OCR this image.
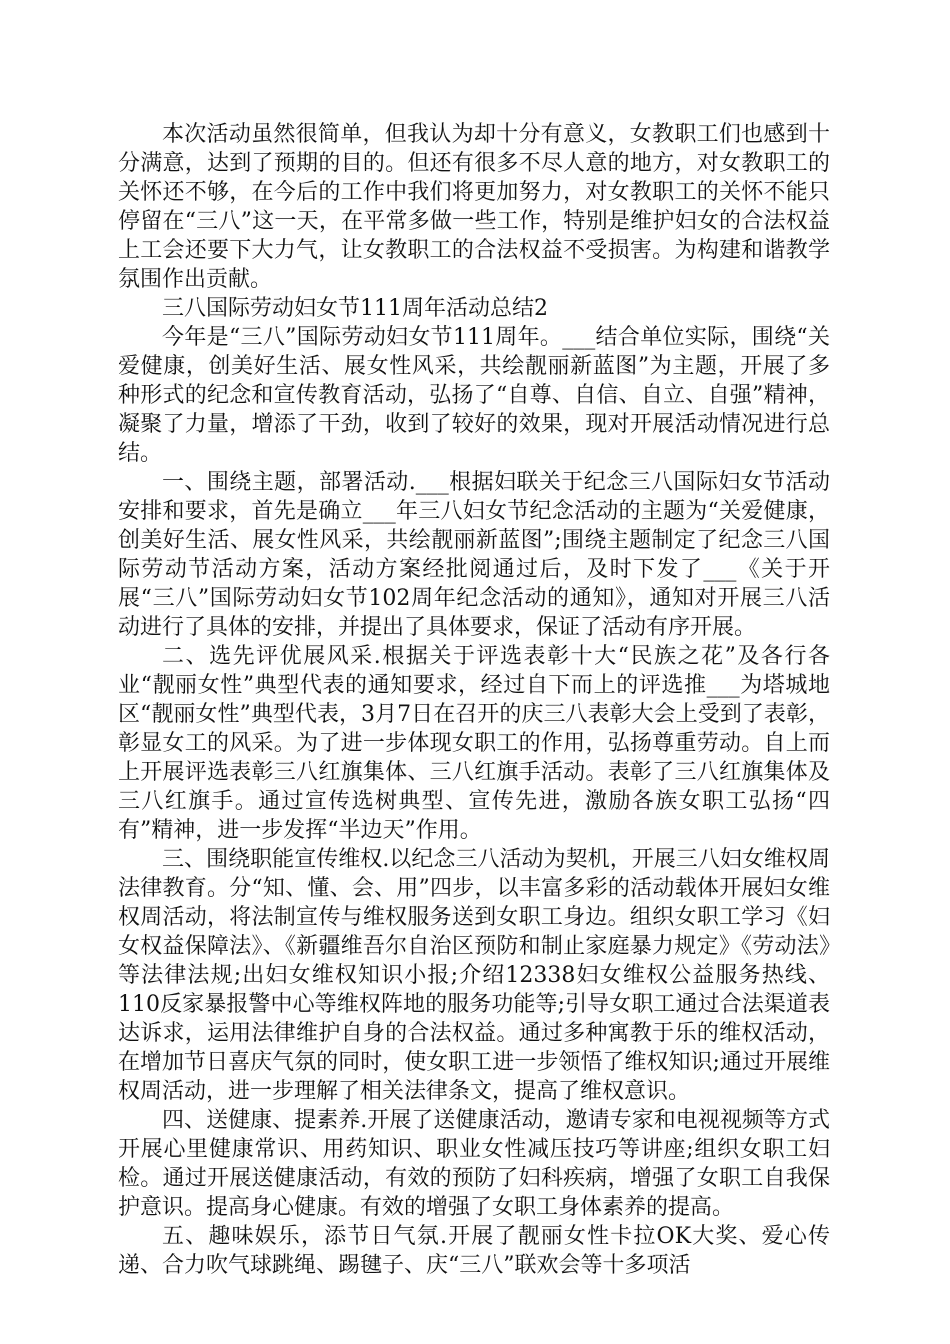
本次活动虽然很简单，但我认为却十分有意义，女教职工们也感到十分满意，达到了预期的目的。但还有很多不尽人意的地方，对女教职工的关怀还不够，在今后的工作中我们将更加努力，对女教职工的关怀不能只停留在“三八”这一天，在平常多做一些工作，特别是维护妇女的合法权益上工会还要下大力气，让女教职工的合法权益不受损害。为构建和谐教学氛围作出贡献。

三八国际劳动妇女节111周年活动总结2

今年是“三八”国际劳动妇女节111周年。___结合单位实际，围绕“关爱健康，创美好生活、展女性风采，共绘靓丽新蓝图”为主题，开展了多种形式的纪念和宣传教育活动，弘扬了“自尊、自信、自立、自强”精神，凝聚了力量，增添了干劲，收到了较好的效果，现对开展活动情况进行总结。

一、围绕主题，部署活动.___根据妇联关于纪念三八国际妇女节活动安排和要求，首先是确立___年三八妇女节纪念活动的主题为“关爱健康，创美好生活、展女性风采，共绘靓丽新蓝图”;围绕主题制定了纪念三八国际劳动节活动方案，活动方案经批阅通过后，及时下发了___《关于开展“三八”国际劳动妇女节102周年纪念活动的通知》，通知对开展三八活动进行了具体的安排，并提出了具体要求，保证了活动有序开展。

二、选先评优展风采.根据关于评选表彰十大“民族之花”及各行各业“靓丽女性”典型代表的通知要求，经过自下而上的评选推___为塔城地区“靓丽女性”典型代表，3月7日在召开的庆三八表彰大会上受到了表彰，彰显女工的风采。为了进一步体现女职工的作用，弘扬尊重劳动。自上而上开展评选表彰三八红旗集体、三八红旗手活动。表彰了三八红旗集体及三八红旗手。通过宣传选树典型、宣传先进，激励各族女职工弘扬“四有”精神，进一步发挥“半边天”作用。

三、围绕职能宣传维权.以纪念三八活动为契机，开展三八妇女维权周法律教育。分“知、懂、会、用”四步，以丰富多彩的活动载体开展妇女维权周活动，将法制宣传与维权服务送到女职工身边。组织女职工学习《妇女权益保障法》、《新疆维吾尔自治区预防和制止家庭暴力规定》《劳动法》等法律法规;出妇女维权知识小报;介绍12338妇女维权公益服务热线、110反家暴报警中心等维权阵地的服务功能等;引导女职工通过合法渠道表达诉求，运用法律维护自身的合法权益。通过多种寓教于乐的维权活动，在增加节日喜庆气氛的同时，使女职工进一步领悟了维权知识;通过开展维权周活动，进一步理解了相关法律条文，提高了维权意识。

四、送健康、提素养.开展了送健康活动，邀请专家和电视视频等方式开展心里健康常识、用药知识、职业女性减压技巧等讲座;组织女职工妇检。通过开展送健康活动，有效的预防了妇科疾病，增强了女职工自我保护意识。提高身心健康。有效的增强了女职工身体素养的提高。

五、趣味娱乐，添节日气氛.开展了靓丽女性卡拉OK大奖、爱心传递、合力吹气球跳绳、踢毽子、庆“三八”联欢会等十多项活
